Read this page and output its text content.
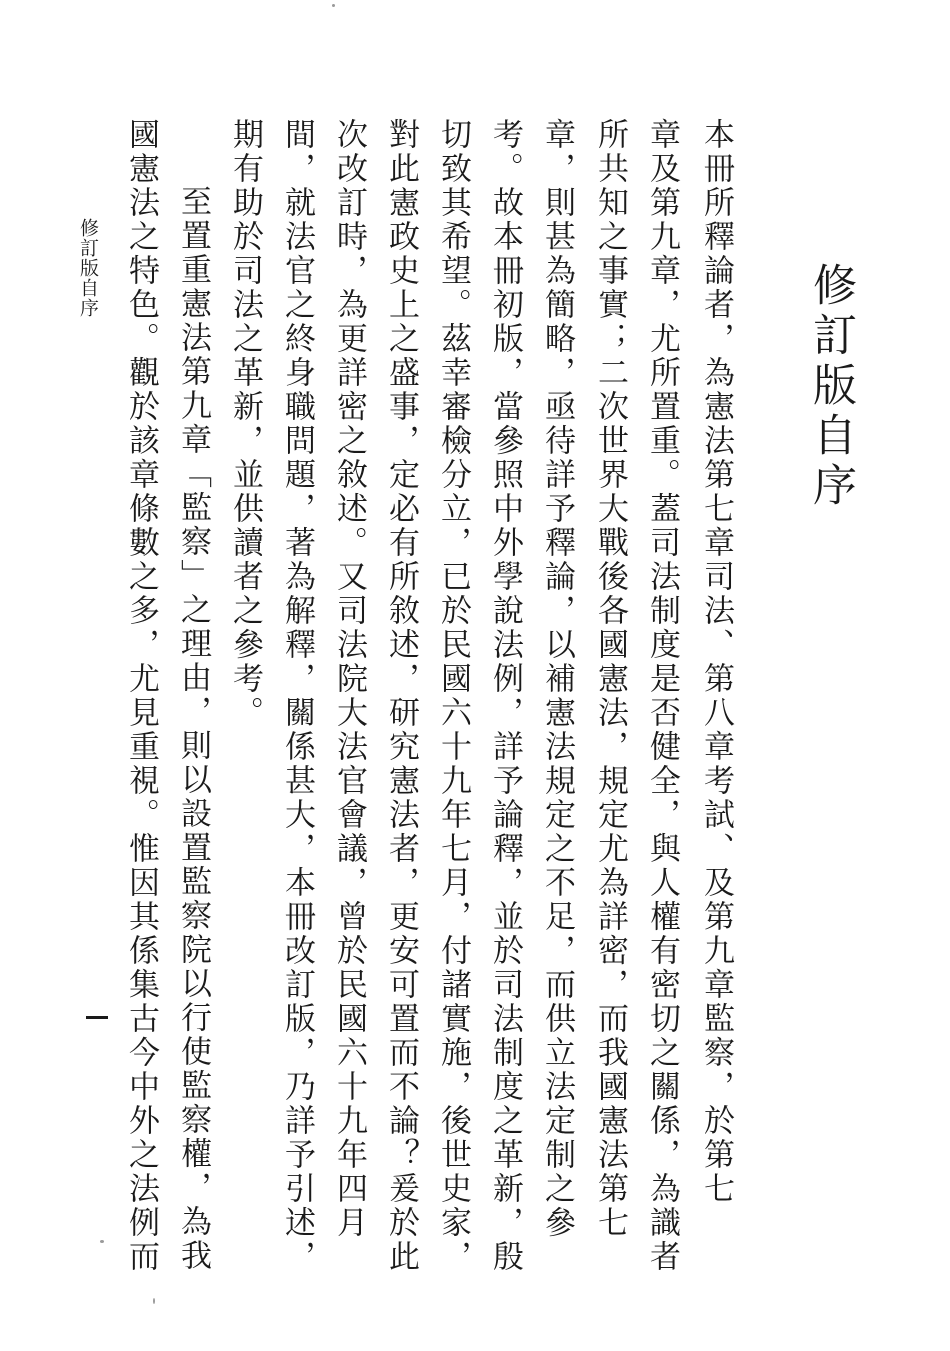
修訂版自序
本冊所釋論者，為憲法第七章司法、第八章考試、及第九章監察，於第七
章及第九章，尤所置重。蓋司法制度是否健全，與人權有密切之關係，為識者
所共知之事實；二次世界大戰後各國憲法，規定尤為詳密，而我國憲法第七
章，則甚為簡略，亟待詳予釋論，以補憲法規定之不足，而供立法定制之參
考。故本冊初版，當參照中外學說法例，詳予論釋，並於司法制度之革新，殷
切致其希望。茲幸審檢分立，已於民國六十九年七月，付諸實施，後世史家，
對此憲政史上之盛事，定必有所敘述，研究憲法者，更安可置而不論？爰於此
次改訂時，為更詳密之敘述。又司法院大法官會議，曾於民國六十九年四月
間，就法官之終身職問題，著為解釋，關係甚大，本冊改訂版，乃詳予引述，
期有助於司法之革新，並供讀者之參考。
至置重憲法第九章「監察」之理由，則以設置監察院以行使監察權，為我
國憲法之特色。觀於該章條數之多，尤見重視。惟因其係集古今中外之法例而
修訂版自序
